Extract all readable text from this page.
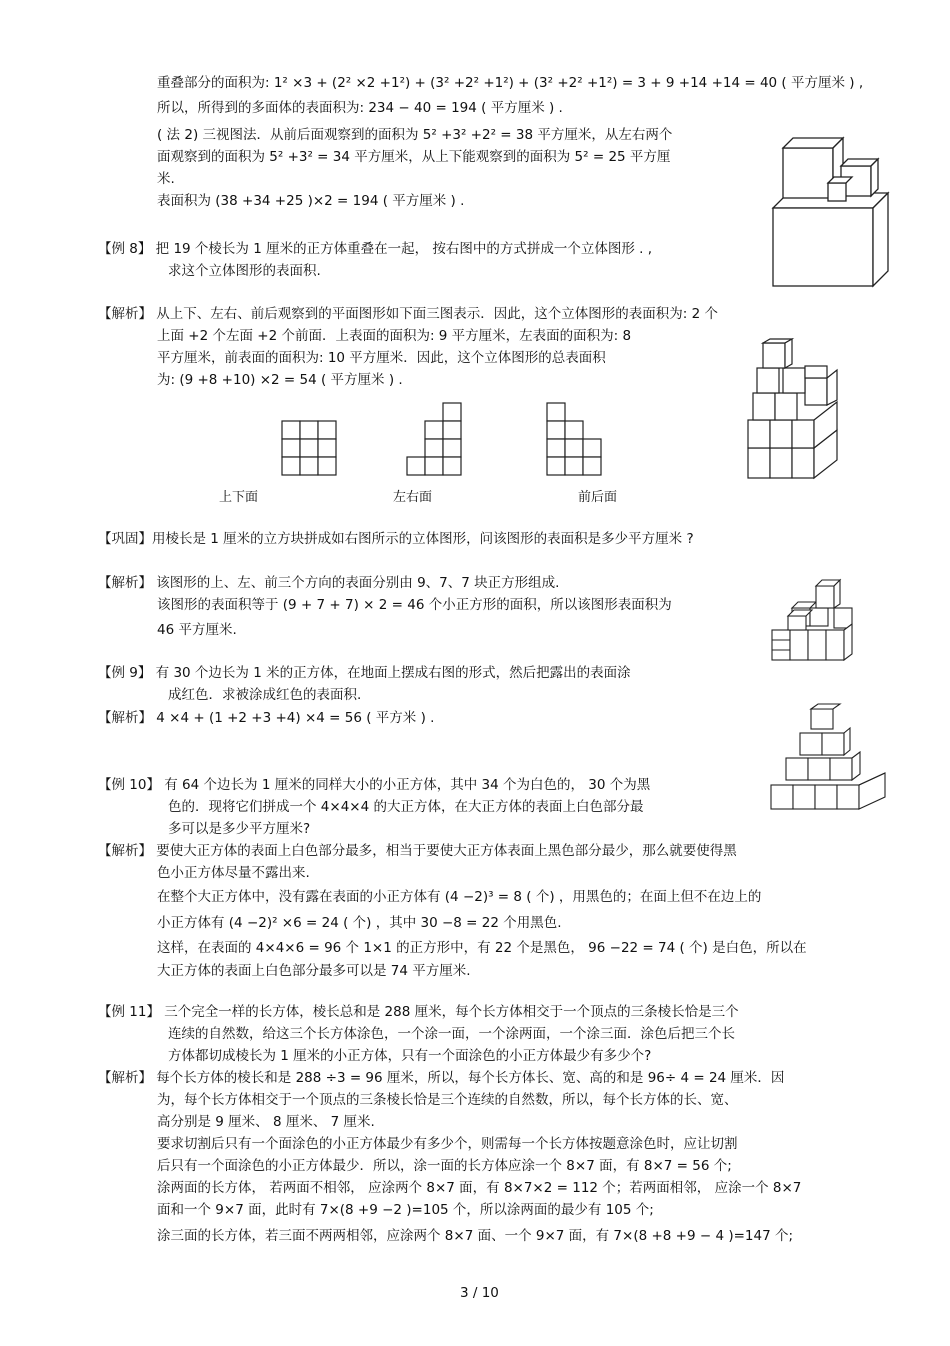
重叠部分的面积为: 1² ×3 + (2² ×2 +1²) + (3² +2² +1²) + (3² +2² +1²) = 3 + 9 +14 +14 = 40 ( 平方厘米 ) ,
所以，所得到的多面体的表面积为: 234 − 40 = 194 ( 平方厘米 ) .
( 法 2) 三视图法．从前后面观察到的面积为 5² +3² +2² = 38 平方厘米，从左右两个
面观察到的面积为 5² +3² = 34 平方厘米，从上下能观察到的面积为 5² = 25 平方厘
米.
表面积为 (38 +34 +25 )×2 = 194 ( 平方厘米 ) .
【例 8】 把 19 个棱长为 1 厘米的正方体重叠在一起， 按右图中的方式拼成一个立体图形 . ,
求这个立体图形的表面积.
【解析】 从上下、左右、前后观察到的平面图形如下面三图表示．因此，这个立体图形的表面积为: 2 个
上面 +2 个左面 +2 个前面．上表面的面积为: 9 平方厘米，左表面的面积为: 8
平方厘米，前表面的面积为: 10 平方厘米．因此，这个立体图形的总表面积
为: (9 +8 +10) ×2 = 54 ( 平方厘米 ) .
【巩固】用棱长是 1 厘米的立方块拼成如右图所示的立体图形，问该图形的表面积是多少平方厘米 ?
【解析】 该图形的上、左、前三个方向的表面分别由 9、7、7 块正方形组成.
该图形的表面积等于 (9 + 7 + 7) × 2 = 46 个小正方形的面积，所以该图形表面积为
46 平方厘米.
【例 9】 有 30 个边长为 1 米的正方体，在地面上摆成右图的形式，然后把露出的表面涂
成红色．求被涂成红色的表面积.
【解析】 4 ×4 + (1 +2 +3 +4) ×4 = 56 ( 平方米 ) .
【例 10】 有 64 个边长为 1 厘米的同样大小的小正方体，其中 34 个为白色的， 30 个为黑
色的．现将它们拼成一个 4×4×4 的大正方体，在大正方体的表面上白色部分最
多可以是多少平方厘米?
【解析】 要使大正方体的表面上白色部分最多，相当于要使大正方体表面上黑色部分最少，那么就要使得黑
色小正方体尽量不露出来.
在整个大正方体中，没有露在表面的小正方体有 (4 −2)³ = 8 ( 个) ，用黑色的；在面上但不在边上的
小正方体有 (4 −2)² ×6 = 24 ( 个) ，其中 30 −8 = 22 个用黑色.
这样，在表面的 4×4×6 = 96 个 1×1 的正方形中，有 22 个是黑色， 96 −22 = 74 ( 个) 是白色，所以在
大正方体的表面上白色部分最多可以是 74 平方厘米.
【例 11】 三个完全一样的长方体，棱长总和是 288 厘米，每个长方体相交于一个顶点的三条棱长恰是三个
连续的自然数，给这三个长方体涂色，一个涂一面，一个涂两面，一个涂三面．涂色后把三个长
方体都切成棱长为 1 厘米的小正方体，只有一个面涂色的小正方体最少有多少个?
【解析】 每个长方体的棱长和是 288 ÷3 = 96 厘米，所以，每个长方体长、宽、高的和是 96÷ 4 = 24 厘米．因
为，每个长方体相交于一个顶点的三条棱长恰是三个连续的自然数，所以，每个长方体的长、宽、
高分别是 9 厘米、 8 厘米、 7 厘米.
要求切割后只有一个面涂色的小正方体最少有多少个，则需每一个长方体按题意涂色时，应让切割
后只有一个面涂色的小正方体最少．所以，涂一面的长方体应涂一个 8×7 面，有 8×7 = 56 个;
涂两面的长方体， 若两面不相邻， 应涂两个 8×7 面，有 8×7×2 = 112 个；若两面相邻， 应涂一个 8×7
面和一个 9×7 面，此时有 7×(8 +9 −2 )=105 个，所以涂两面的最少有 105 个;
涂三面的长方体，若三面不两两相邻，应涂两个 8×7 面、一个 9×7 面，有 7×(8 +8 +9 − 4 )=147 个;
3 / 10
上下面	左右面	前后面
